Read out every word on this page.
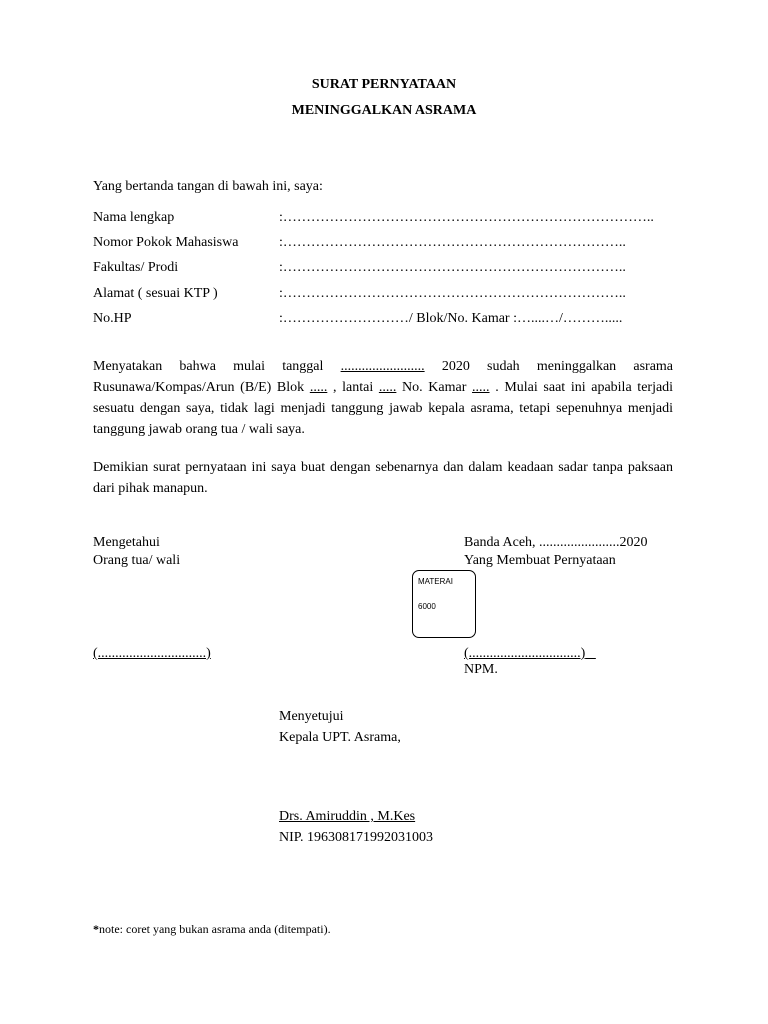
SURAT PERNYATAAN
MENINGGALKAN ASRAMA
Yang bertanda tangan di bawah ini, saya:
Nama lengkap	:……………………………………………………………………..
Nomor Pokok Mahasiswa	:………………………………………………………………..
Fakultas/ Prodi	:………………………………………………………………..
Alamat ( sesuai KTP )	:………………………………………………………………..
No.HP	:………………………/ Blok/No. Kamar :…....…/……….....
Menyatakan bahwa mulai tanggal ........................ 2020 sudah meninggalkan asrama Rusunawa/Kompas/Arun (B/E) Blok ..... , lantai ..... No. Kamar ..... . Mulai saat ini apabila terjadi sesuatu dengan saya, tidak lagi menjadi tanggung jawab kepala asrama, tetapi sepenuhnya menjadi tanggung jawab orang tua / wali saya.
Demikian surat pernyataan ini saya buat dengan sebenarnya dan dalam keadaan sadar tanpa paksaan dari pihak manapun.
Mengetahui
Orang tua/ wali
(...............................)
Banda Aceh, .......................2020
Yang Membuat Pernyataan
(................................)
NPM.
MATERAI
6000
Menyetujui
Kepala UPT. Asrama,
Drs. Amiruddin , M.Kes
NIP. 196308171992031003
*note: coret yang bukan asrama anda (ditempati).
